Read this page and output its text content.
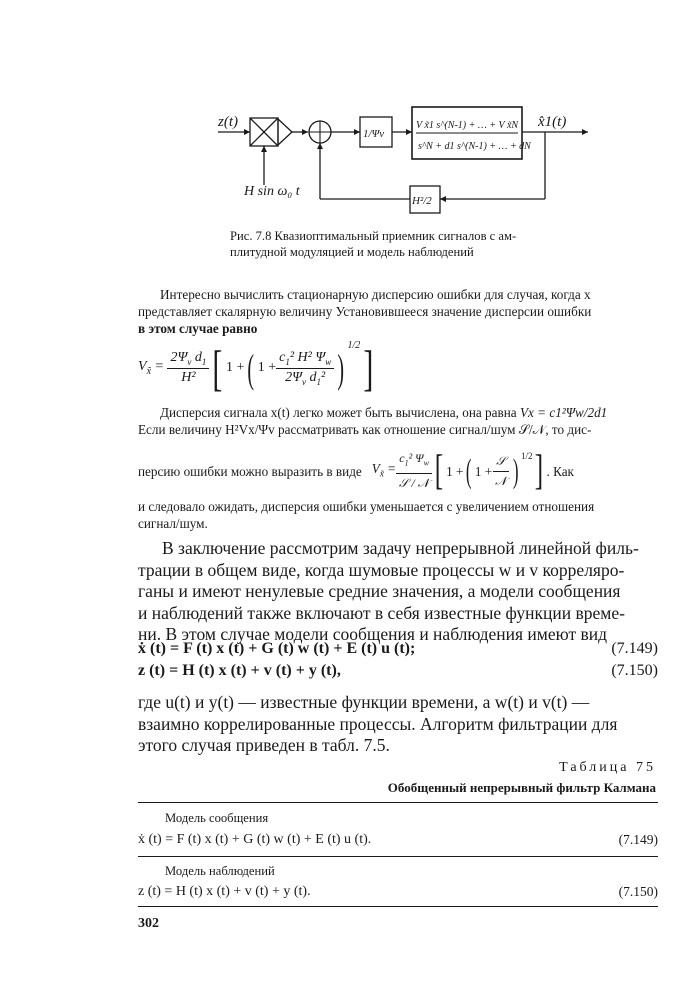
z(t)
H sin ω₀ t
1/Ψv
V x̃1 s^(N-1) + … + V x̃N
s^N + d1 s^(N-1) + … + dN
x̂1(t)
H²/2
Рис. 7.8 Квазиоптимальный приемник сигналов с ам-
плитудной модуляцией и модель наблюдений
Интересно вычислить стационарную дисперсию ошибки для случая, когда x
представляет скалярную величину Установившееся значение дисперсии ошибки
в этом случае равно
$V_{x̃} = \frac{2\Psi_v d_1}{\text{H²}}$ [ 1 + ( $1 + \frac{c_1^2 H^2 \Psi_w}{2\Psi_v d_1^2}$ ) $^{1/2}$ ]
Дисперсия сигнала x(t) легко может быть вычислена, она равна Vx = c1²Ψw/2d1
Если величину H²Vx/Ψv рассматривать как отношение сигнал/шум 𝒮/𝒩, то дис-
персию ошибки можно выразить в виде $V_{x̃} = \frac{c_1^2 \Psi_w}{\text{𝒮 / 𝒩}}$ [ 1 + ( $1 + \frac{\text{𝒮}}{\text{𝒩}}$ ) $^{1/2}$ ] . Как
и следовало ожидать, дисперсия ошибки уменьшается с увеличением отношения
сигнал/шум.
В заключение рассмотрим задачу непрерывной линейной филь-
трации в общем виде, когда шумовые процессы w и v корреляро-
ганы и имеют ненулевые средние значения, а модели сообщения
и наблюдений также включают в себя известные функции време-
ни. В этом случае модели сообщения и наблюдения имеют вид
ẋ (t) = F (t) x (t) + G (t) w (t) + E (t) u (t);	(7.149)
z (t) = H (t) x (t) + v (t) + y (t),	(7.150)
где u(t) и y(t) — известные функции времени, а w(t) и v(t) —
взаимно коррелированные процессы. Алгоритм фильтрации для
этого случая приведен в табл. 7.5.
Таблица 75
Обобщенный непрерывный фильтр Калмана
Модель сообщения
ẋ (t) = F (t) x (t) + G (t) w (t) + E (t) u (t).	(7.149)
Модель наблюдений
z (t) = H (t) x (t) + v (t) + y (t).	(7.150)
302
